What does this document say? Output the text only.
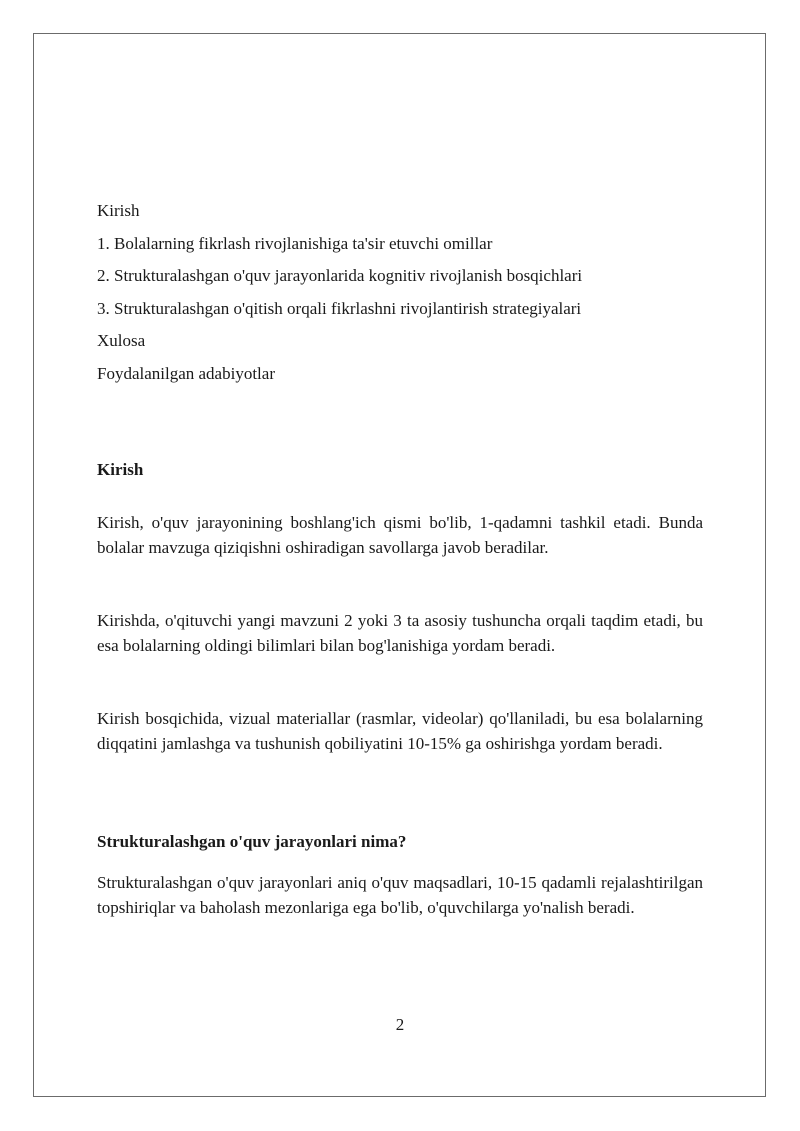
Kirish
1. Bolalarning fikrlash rivojlanishiga ta'sir etuvchi omillar
2. Strukturalashgan o'quv jarayonlarida kognitiv rivojlanish bosqichlari
3. Strukturalashgan o'qitish orqali fikrlashni rivojlantirish strategiyalari
Xulosa
Foydalanilgan adabiyotlar
Kirish
Kirish, o'quv jarayonining boshlang'ich qismi bo'lib, 1-qadamni tashkil etadi. Bunda bolalar mavzuga qiziqishni oshiradigan savollarga javob beradilar.
Kirishda, o'qituvchi yangi mavzuni 2 yoki 3 ta asosiy tushuncha orqali taqdim etadi, bu esa bolalarning oldingi bilimlari bilan bog'lanishiga yordam beradi.
Kirish bosqichida, vizual materiallar (rasmlar, videolar) qo'llaniladi, bu esa bolalarning diqqatini jamlashga va tushunish qobiliyatini 10-15% ga oshirishga yordam beradi.
Strukturalashgan o'quv jarayonlari nima?
Strukturalashgan o'quv jarayonlari aniq o'quv maqsadlari, 10-15 qadamli rejalashtirilgan topshiriqlar va baholash mezonlariga ega bo'lib, o'quvchilarga yo'nalish beradi.
2
